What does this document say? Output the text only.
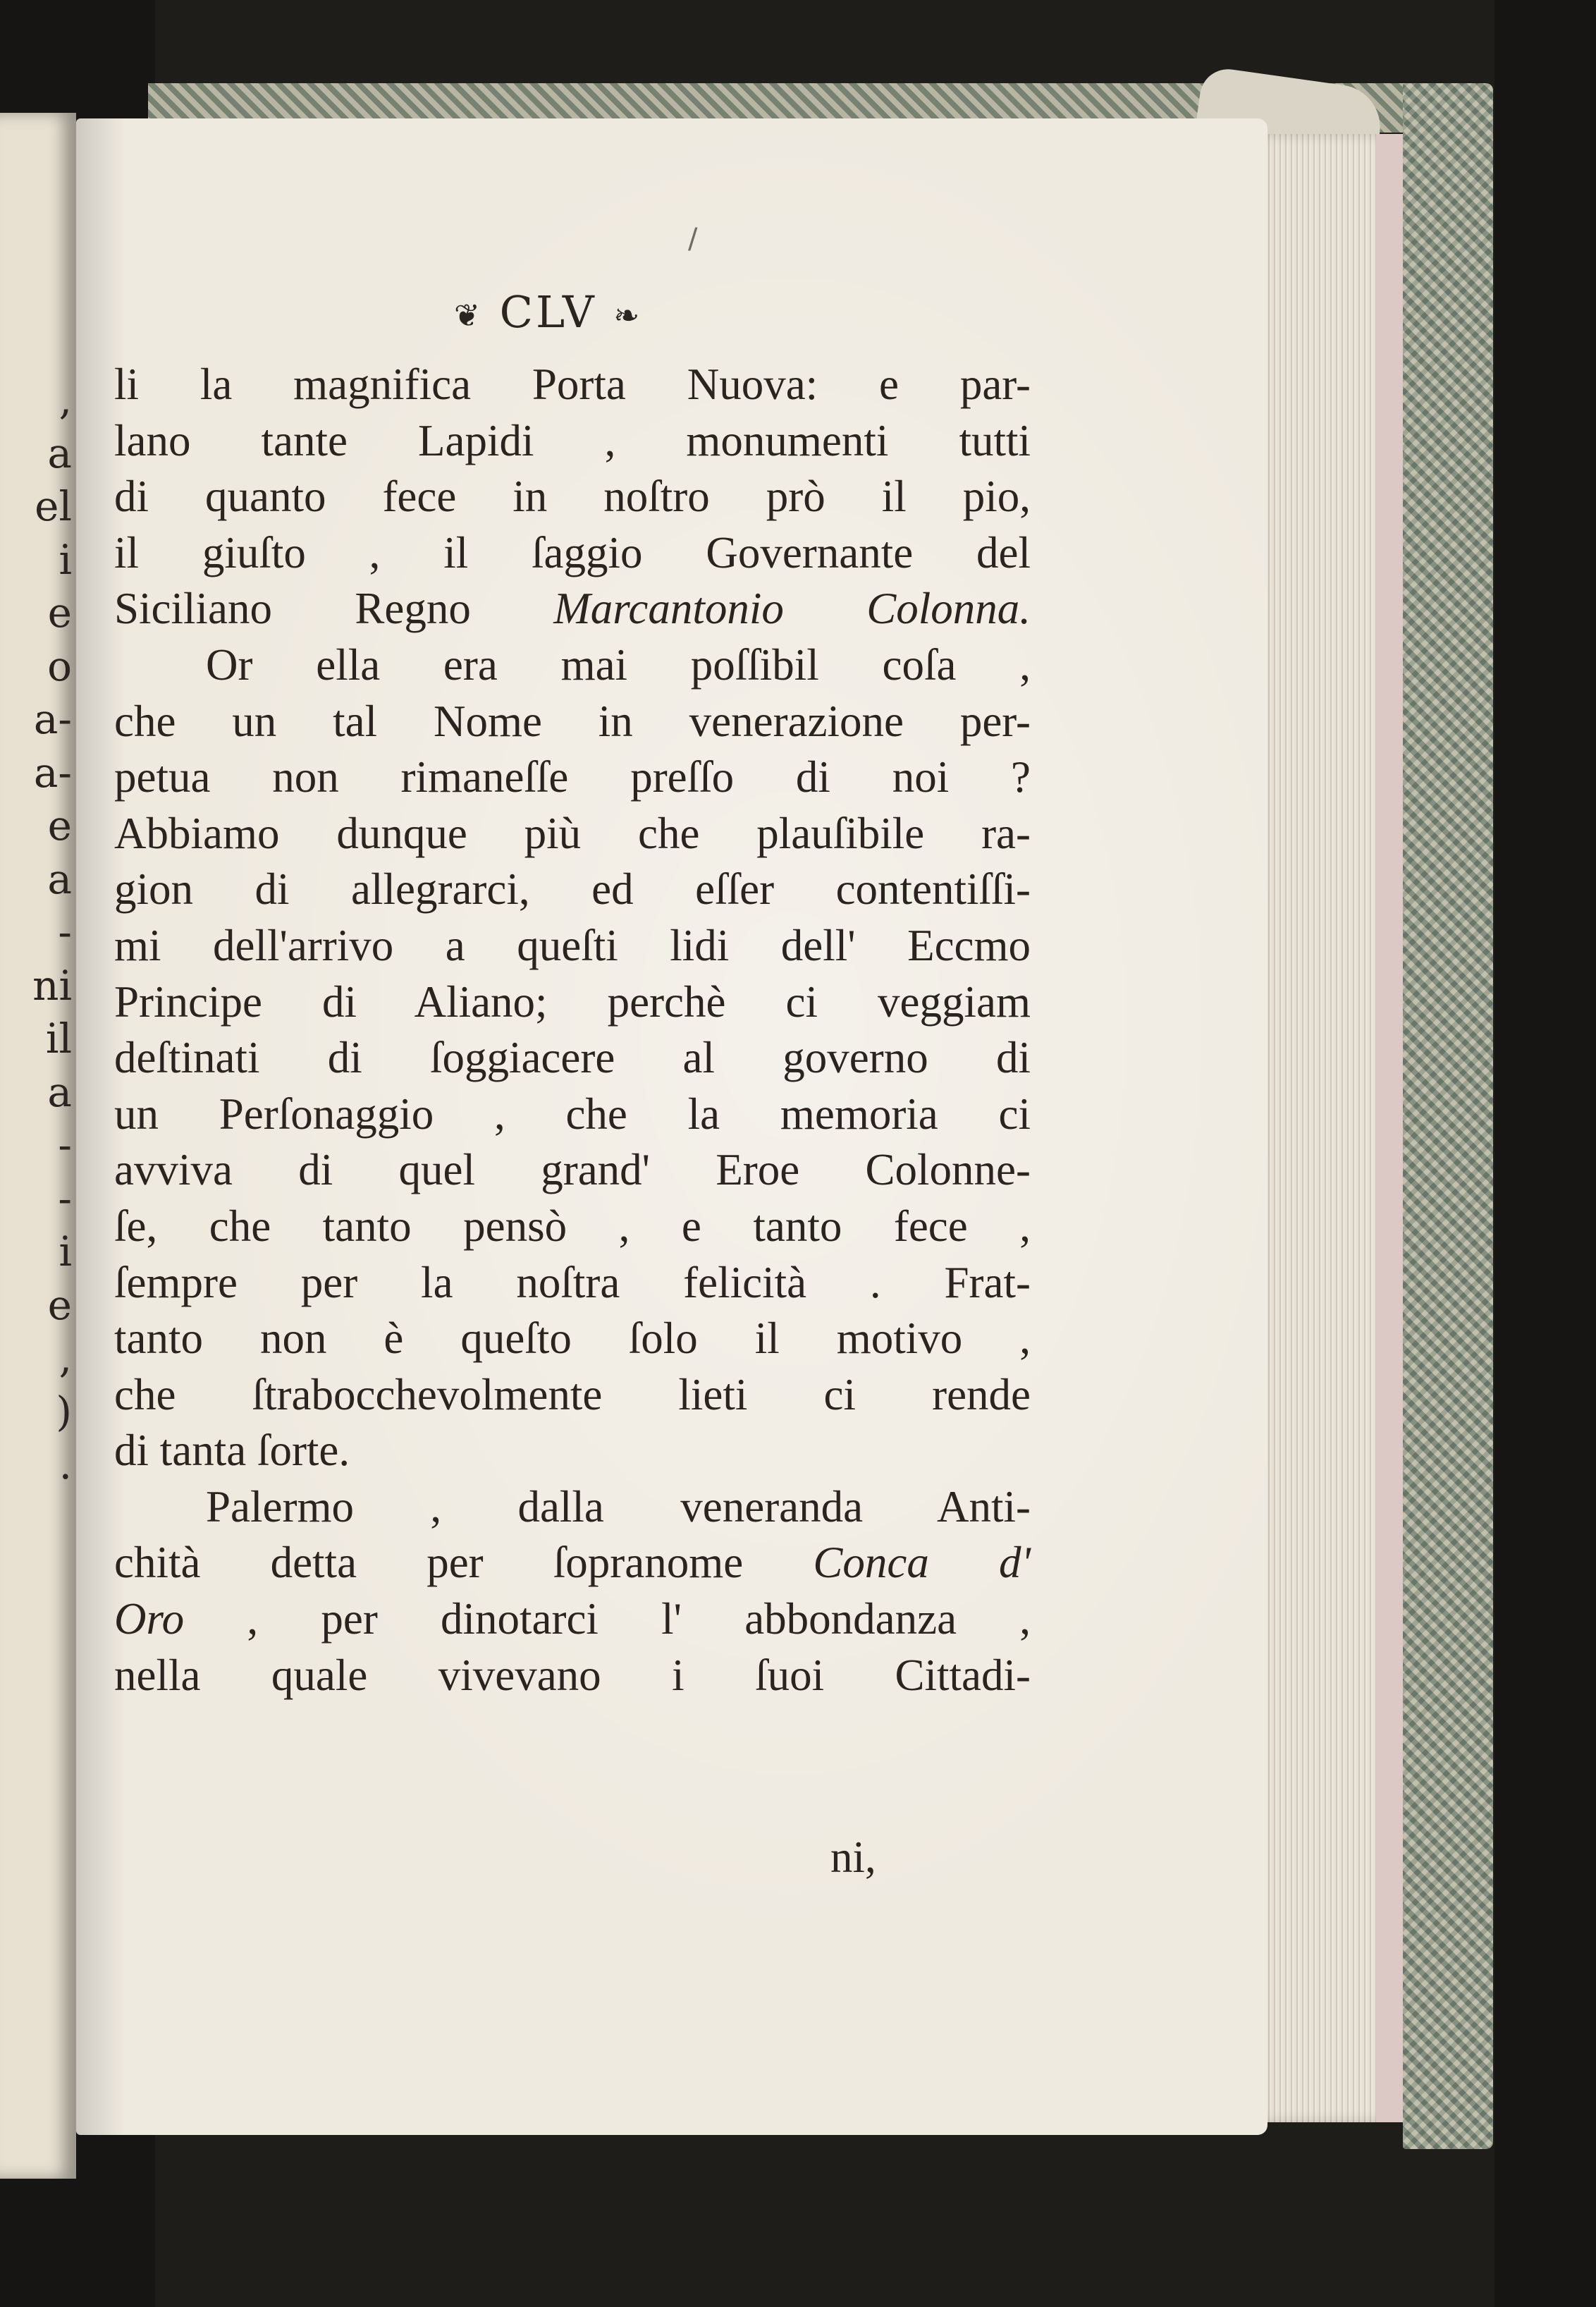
,
a
el
i
e
o
a-
a-
e
a
-
ni
il
a
-
-
i
e
,
)
.
/
❦ CLV ❧
li la magnifica Porta Nuova: e par-
lano tante Lapidi , monumenti tutti
di quanto fece in noſtro prò il pio,
il giuſto , il ſaggio Governante del
Siciliano Regno Marcantonio Colonna.
Or ella era mai poſſibil coſa ,
che un tal Nome in venerazione per-
petua non rimaneſſe preſſo di noi ?
Abbiamo dunque più che plauſibile ra-
gion di allegrarci, ed eſſer contentiſſi-
mi dell'arrivo a queſti lidi dell' Eccmo
Principe di Aliano; perchè ci veggiam
deſtinati di ſoggiacere al governo di
un Perſonaggio , che la memoria ci
avviva di quel grand' Eroe Colonne-
ſe, che tanto pensò , e tanto fece ,
ſempre per la noſtra felicità . Frat-
tanto non è queſto ſolo il motivo ,
che ſtrabocchevolmente lieti ci rende
di tanta ſorte.
Palermo , dalla veneranda Anti-
chità detta per ſopranome Conca d'
Oro , per dinotarci l' abbondanza ,
nella quale vivevano i ſuoi Cittadi-
ni,
